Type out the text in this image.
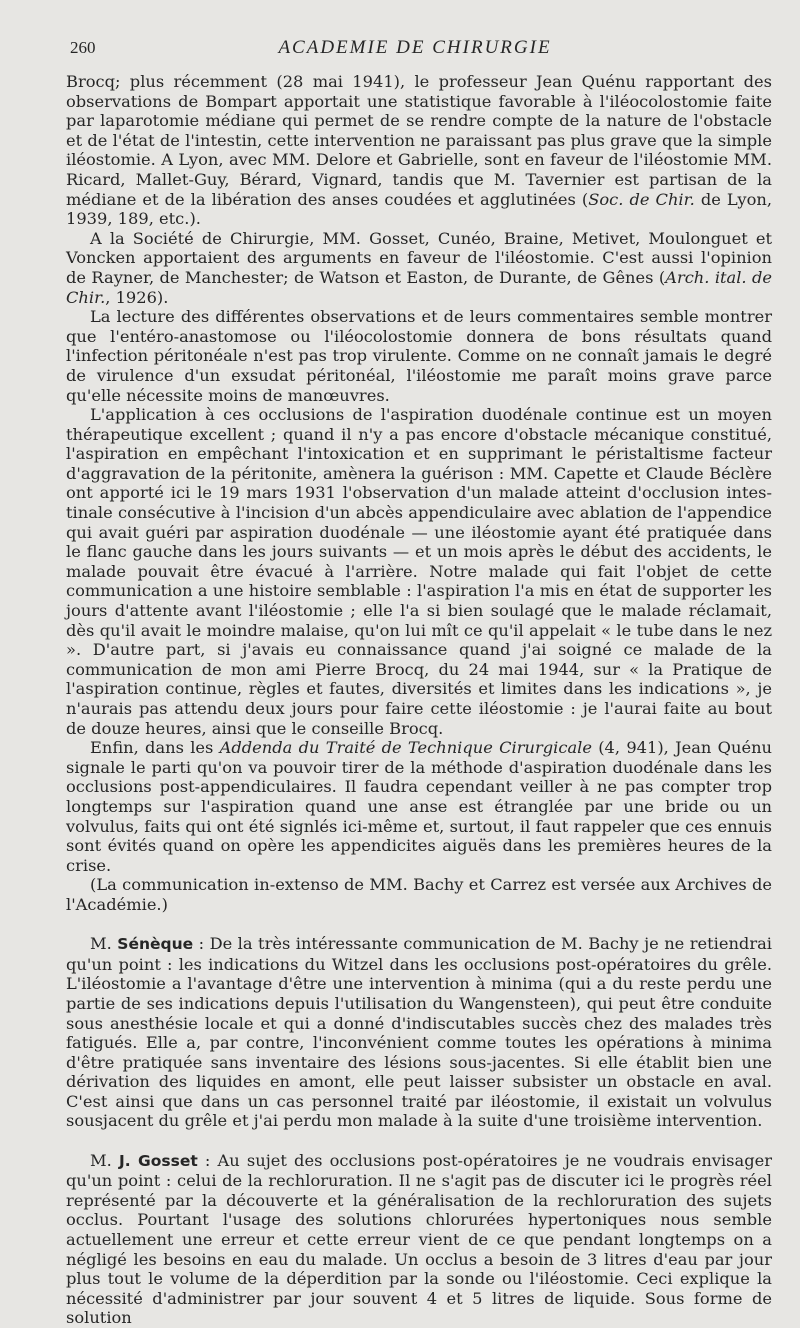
260	ACADEMIE DE CHIRURGIE

Brocq; plus récemment (28 mai 1941), le professeur Jean Quénu rapportant des observations de Bompart apportait une statistique favorable à l'iléocolostomie faite par laparotomie médiane qui permet de se rendre compte de la nature de l'obstacle et de l'état de l'intestin, cette intervention ne paraissant pas plus grave que la simple iléostomie. A Lyon, avec MM. Delore et Gabrielle, sont en faveur de l'iléostomie MM. Ricard, Mallet-Guy, Bérard, Vignard, tandis que M. Tavernier est partisan de la médiane et de la libération des anses coudées et agglutinées (Soc. de Chir. de Lyon, 1939, 189, etc.).

A la Société de Chirurgie, MM. Gosset, Cunéo, Braine, Metivet, Moulonguet et Voncken apportaient des arguments en faveur de l'iléostomie. C'est aussi l'opinion de Rayner, de Manchester; de Watson et Easton, de Durante, de Gênes (Arch. ital. de Chir., 1926).

La lecture des différentes observations et de leurs commentaires semble montrer que l'entéro-anastomose ou l'iléocolostomie donnera de bons résultats quand l'infection péritonéale n'est pas trop virulente. Comme on ne connaît jamais le degré de virulence d'un exsudat péritonéal, l'iléostomie me paraît moins grave parce qu'elle nécessite moins de manœuvres.

L'application à ces occlusions de l'aspiration duodénale continue est un moyen thérapeutique excellent ; quand il n'y a pas encore d'obstacle mécanique constitué, l'aspiration en empêchant l'intoxication et en supprimant le péristaltisme facteur d'aggravation de la péritonite, amènera la guérison : MM. Capette et Claude Béclère ont apporté ici le 19 mars 1931 l'observation d'un malade atteint d'occlusion intestinale consécutive à l'incision d'un abcès appendiculaire avec ablation de l'appendice qui avait guéri par aspiration duodénale — une iléostomie ayant été pratiquée dans le flanc gauche dans les jours suivants — et un mois après le début des accidents, le malade pouvait être évacué à l'arrière. Notre malade qui fait l'objet de cette communication a une histoire semblable : l'aspiration l'a mis en état de supporter les jours d'attente avant l'iléostomie ; elle l'a si bien soulagé que le malade réclamait, dès qu'il avait le moindre malaise, qu'on lui mît ce qu'il appelait « le tube dans le nez ». D'autre part, si j'avais eu connaissance quand j'ai soigné ce malade de la communication de mon ami Pierre Brocq, du 24 mai 1944, sur « la Pratique de l'aspiration continue, règles et fautes, diversités et limites dans les indications », je n'aurais pas attendu deux jours pour faire cette iléostomie : je l'aurai faite au bout de douze heures, ainsi que le conseille Brocq.

Enfin, dans les Addenda du Traité de Technique Cirurgicale (4, 941), Jean Quénu signale le parti qu'on va pouvoir tirer de la méthode d'aspiration duodénale dans les occlusions post-appendiculaires. Il faudra cependant veiller à ne pas compter trop longtemps sur l'aspiration quand une anse est étranglée par une bride ou un volvulus, faits qui ont été signlés ici-même et, surtout, il faut rappeler que ces ennuis sont évités quand on opère les appendicites aiguës dans les premières heures de la crise.

(La communication in-extenso de MM. Bachy et Carrez est versée aux Archives de l'Académie.)

M. Sénèque : De la très intéressante communication de M. Bachy je ne retiendrai qu'un point : les indications du Witzel dans les occlusions post-opératoires du grêle. L'iléostomie a l'avantage d'être une intervention à minima (qui a du reste perdu une partie de ses indications depuis l'utilisation du Wangensteen), qui peut être conduite sous anesthésie locale et qui a donné d'indiscutables succès chez des malades très fatigués. Elle a, par contre, l'inconvénient comme toutes les opérations à minima d'être pratiquée sans inventaire des lésions sous-jacentes. Si elle établit bien une dérivation des liquides en amont, elle peut laisser subsister un obstacle en aval. C'est ainsi que dans un cas personnel traité par iléostomie, il existait un volvulus sousjacent du grêle et j'ai perdu mon malade à la suite d'une troisième intervention.

M. J. Gosset : Au sujet des occlusions post-opératoires je ne voudrais envisager qu'un point : celui de la rechloruration. Il ne s'agit pas de discuter ici le progrès réel représenté par la découverte et la généralisation de la rechloruration des sujets occlus. Pourtant l'usage des solutions chlorurées hypertoniques nous semble actuellement une erreur et cette erreur vient de ce que pendant longtemps on a négligé les besoins en eau du malade. Un occlus a besoin de 3 litres d'eau par jour plus tout le volume de la déperdition par la sonde ou l'iléostomie. Ceci explique la nécessité d'administrer par jour souvent 4 et 5 litres de liquide. Sous forme de solution
